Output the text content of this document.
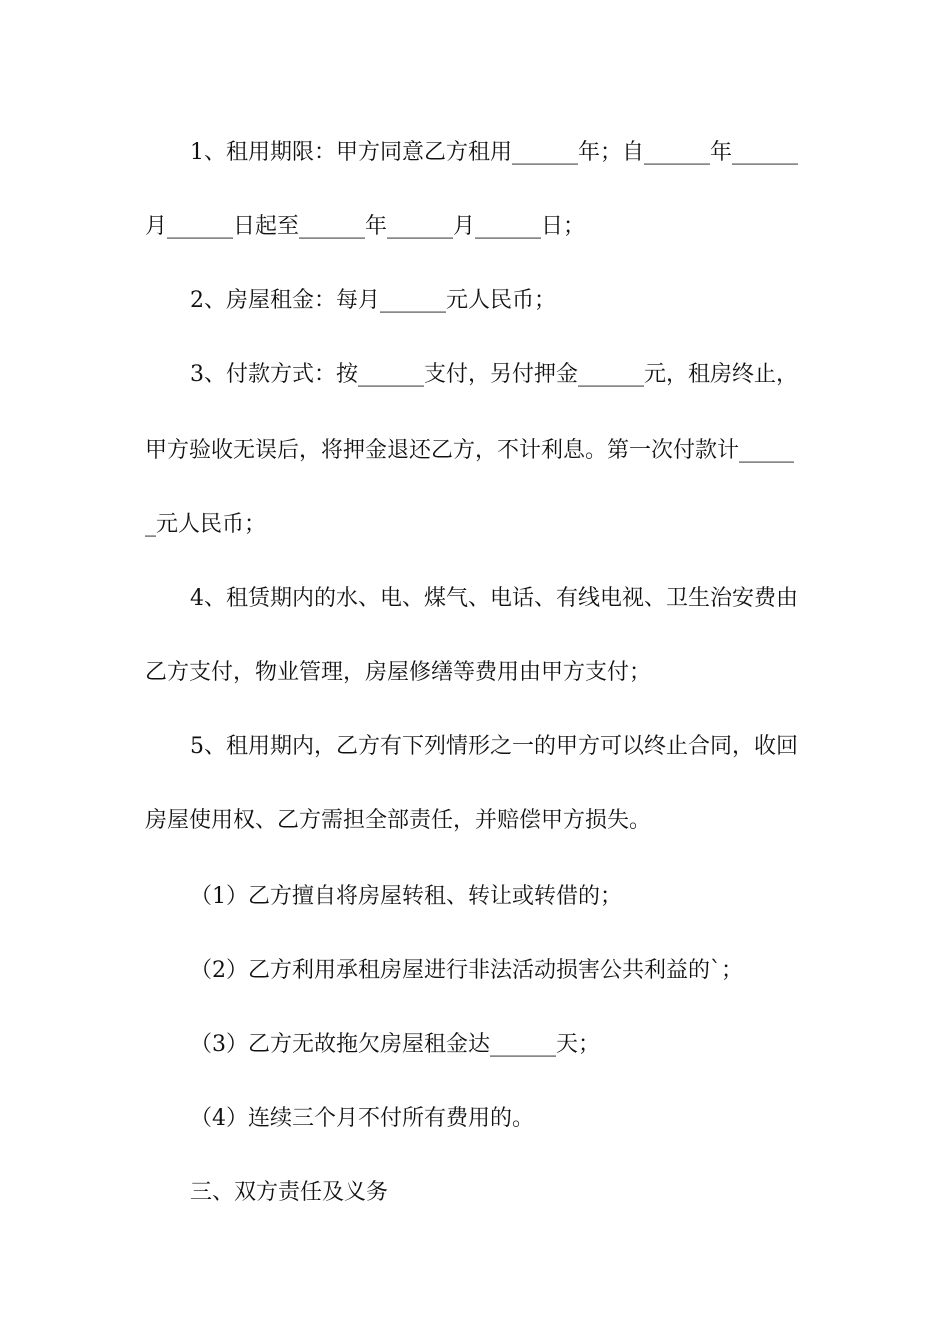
1、租用期限：甲方同意乙方租用______年；自______年______
月______日起至______年______月______日；
2、房屋租金：每月______元人民币；
3、付款方式：按______支付，另付押金______元，租房终止，
甲方验收无误后，将押金退还乙方，不计利息。第一次付款计_____
_元人民币；
4、租赁期内的水、电、煤气、电话、有线电视、卫生治安费由
乙方支付，物业管理，房屋修缮等费用由甲方支付；
5、租用期内，乙方有下列情形之一的甲方可以终止合同，收回
房屋使用权、乙方需担全部责任，并赔偿甲方损失。
（1）乙方擅自将房屋转租、转让或转借的；
（2）乙方利用承租房屋进行非法活动损害公共利益的`；
（3）乙方无故拖欠房屋租金达______天；
（4）连续三个月不付所有费用的。
三、双方责任及义务
